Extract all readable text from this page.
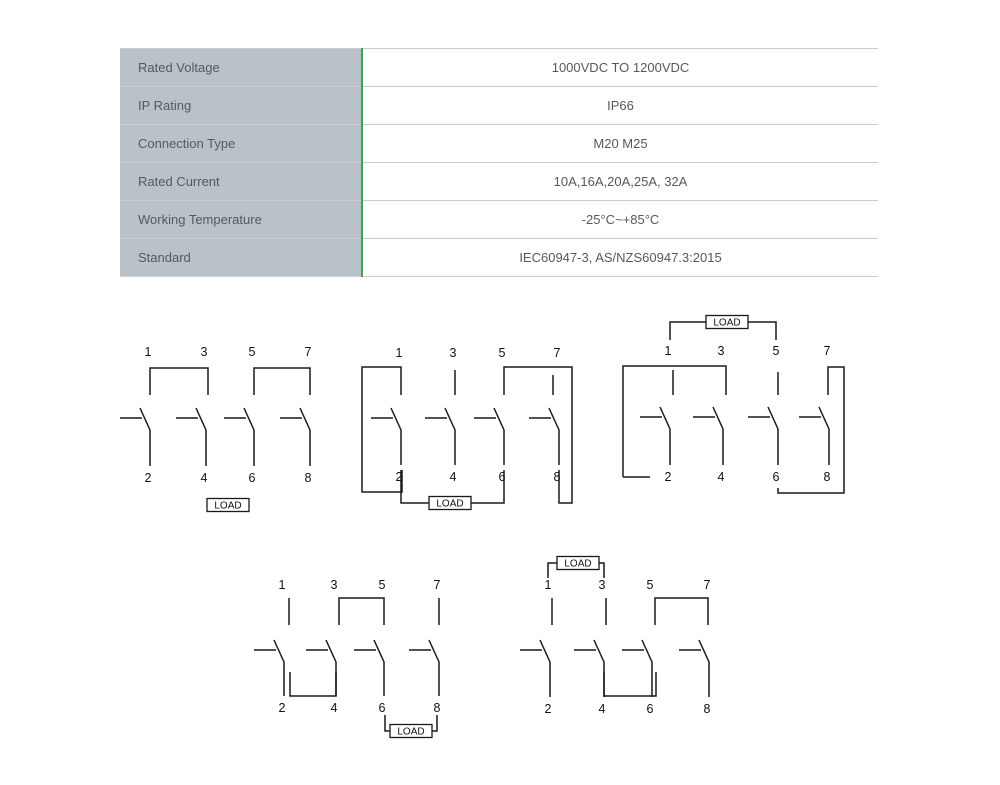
Rated Voltage	1000VDC TO 1200VDC
IP Rating	IP66
Connection Type	M20 M25
Rated Current	10A,16A,20A,25A, 32A
Working Temperature	-25°C~+85°C
Standard	IEC60947-3, AS/NZS60947.3:2015
1
2
3
4
5
6
7
8
LOAD
1
2
3
4
5
6
7
8
LOAD
1
2
3
4
5
6
7
8
LOAD
1
2
3
4
5
6
7
8
LOAD
1
2
3
4
5
6
7
8
LOAD
